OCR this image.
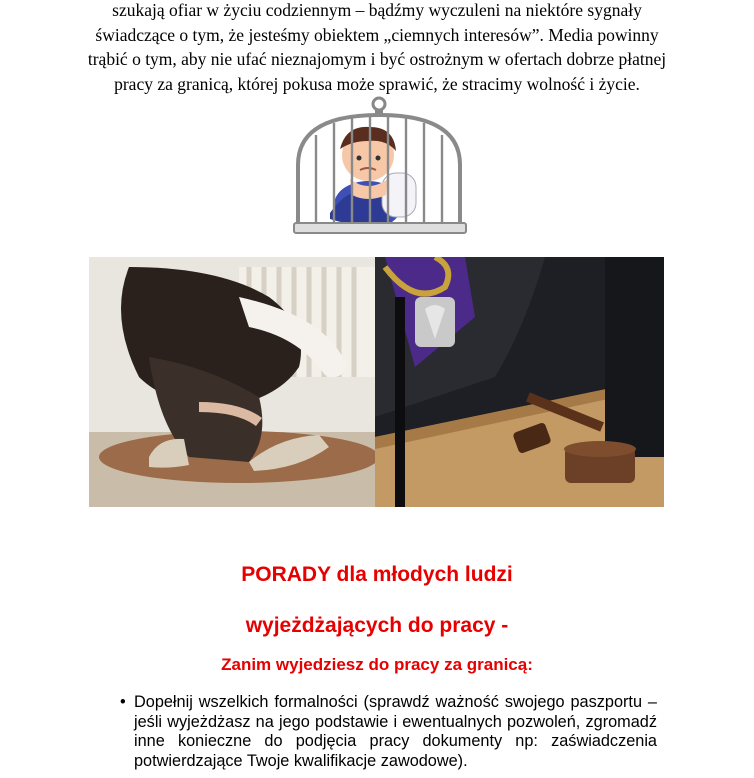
szukają ofiar w życiu codziennym – bądźmy wyczuleni na niektóre sygnały
świadczące o tym, że jesteśmy obiektem „ciemnych interesów”. Media powinny
trąbić o tym, aby nie ufać nieznajomym i być ostrożnym w ofertach dobrze płatnej
pracy za granicą, której pokusa może sprawić, że stracimy wolność i życie.

PORADY dla młodych ludzi

wyjeżdżających do pracy -

Zanim wyjedziesz do pracy za granicą:

• Dopełnij wszelkich formalności (sprawdź ważność swojego paszportu – jeśli wyjeżdżasz na jego podstawie i ewentualnych pozwoleń, zgromadź inne konieczne do podjęcia pracy dokumenty np: zaświadczenia potwierdzające Twoje kwalifikacje zawodowe).
